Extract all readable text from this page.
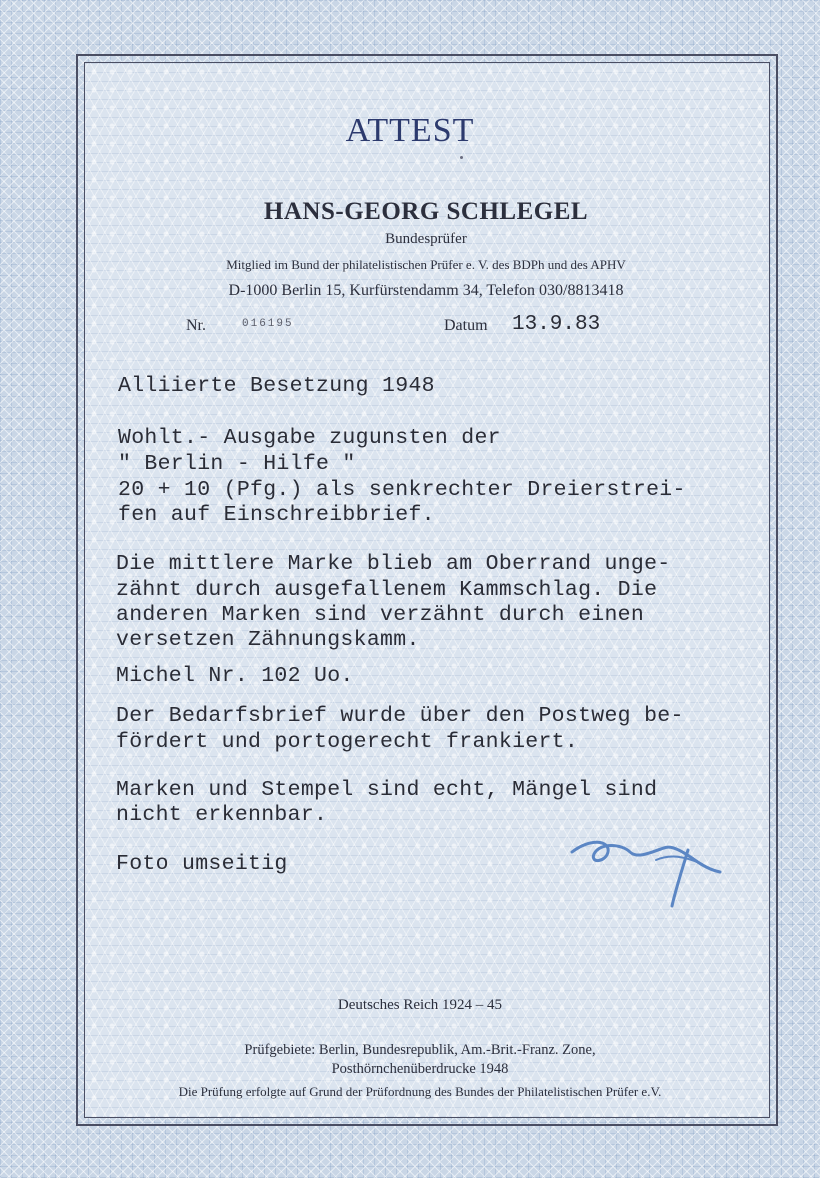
ATTEST
HANS-GEORG SCHLEGEL
Bundesprüfer
Mitglied im Bund der philatelistischen Prüfer e. V. des BDPh und des APHV
D-1000 Berlin 15, Kurfürstendamm 34, Telefon 030/8813418
Nr.	016195	Datum 13.9.83
Alliierte Besetzung 1948
Wohlt.- Ausgabe zugunsten der
" Berlin - Hilfe "
20 + 10 (Pfg.) als senkrechter Dreierstrei-
fen auf Einschreibbrief.
Die mittlere Marke blieb am Oberrand unge-
zähnt durch ausgefallenem Kammschlag. Die
anderen Marken sind verzähnt durch einen
versetzen Zähnungskamm.
Michel Nr. 102 Uo.
Der Bedarfsbrief wurde über den Postweg be-
fördert und portogerecht frankiert.
Marken und Stempel sind echt, Mängel sind
nicht erkennbar.
Foto umseitig
Deutsches Reich 1924 – 45
Prüfgebiete: Berlin, Bundesrepublik, Am.-Brit.-Franz. Zone,
Posthörnchenüberdrucke 1948
Die Prüfung erfolgte auf Grund der Prüfordnung des Bundes der Philatelistischen Prüfer e.V.
